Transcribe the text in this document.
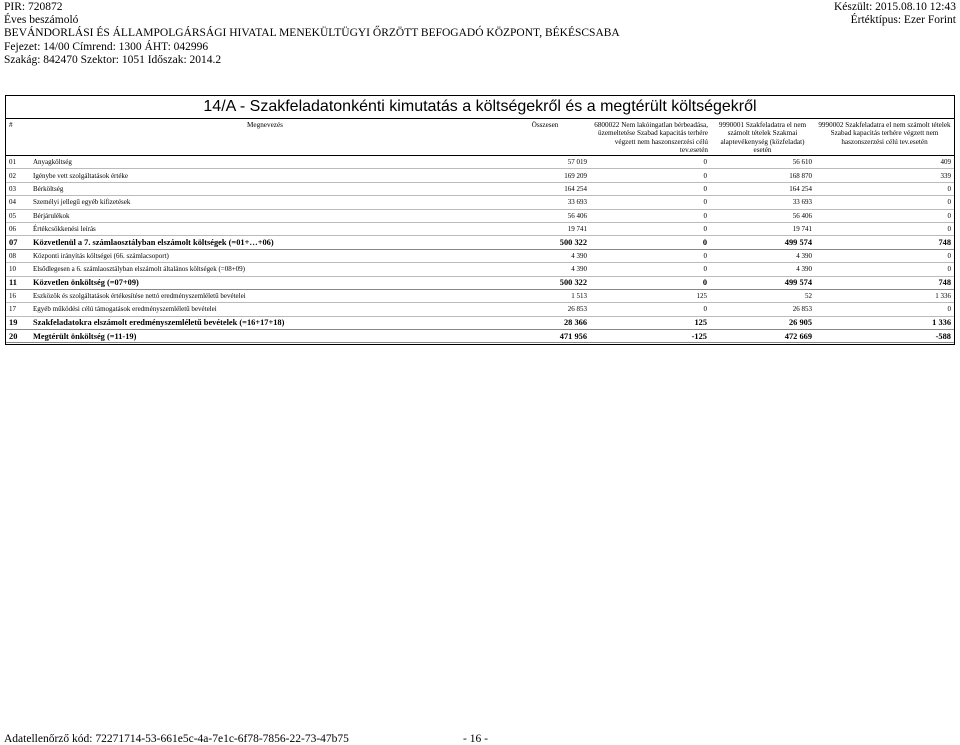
PIR: 720872
Éves beszámoló
BEVÁNDORLÁSI ÉS ÁLLAMPOLGÁRSÁGI HIVATAL MENEKÜLTÜGYI ŐRZÖTT BEFOGADÓ KÖZPONT, BÉKÉSCSABA
Fejezet: 14/00 Címrend: 1300 ÁHT: 042996
Szakág: 842470 Szektor: 1051 Időszak: 2014.2
Készült: 2015.08.10 12:43
Értéktípus: Ezer Forint
14/A - Szakfeladatonkénti kimutatás a költségekről és a megtérült költségekről
#	Megnevezés	Összesen	6800022 Nem lakóingatlan bérbeadása, üzemeltetése Szabad kapacitás terhére végzett nem haszonszerzési célú tev.esetén	9990001 Szakfeladatra el nem számolt tételek Szakmai alaptevékenység (közfeladat) esetén	9990002 Szakfeladatra el nem számolt tételek Szabad kapacitás terhére végzett nem haszonszerzési célú tev.esetén
01	Anyagköltség	57 019	0	56 610	409
02	Igénybe vett szolgáltatások értéke	169 209	0	168 870	339
03	Bérköltség	164 254	0	164 254	0
04	Személyi jellegű egyéb kifizetések	33 693	0	33 693	0
05	Bérjárulékok	56 406	0	56 406	0
06	Értékcsökkenési leírás	19 741	0	19 741	0
07	Közvetlenül a 7. számlaosztályban elszámolt költségek (=01+…+06)	500 322	0	499 574	748
08	Központi irányítás költségei (66. számlacsoport)	4 390	0	4 390	0
10	Elsődlegesen a 6. számlaosztályban elszámolt általános költségek (=08+09)	4 390	0	4 390	0
11	Közvetlen önköltség (=07+09)	500 322	0	499 574	748
16	Eszközök és szolgáltatások értékesítése nettó eredményszemléletű bevételei	1 513	125	52	1 336
17	Egyéb működési célú támogatások eredményszemléletű bevételei	26 853	0	26 853	0
19	Szakfeladatokra elszámolt eredményszemléletű bevételek (=16+17+18)	28 366	125	26 905	1 336
20	Megtérült önköltség (=11-19)	471 956	-125	472 669	-588
Adatellenőrző kód: 72271714-53-661e5c-4a-7e1c-6f78-7856-22-73-47b75	- 16 -
